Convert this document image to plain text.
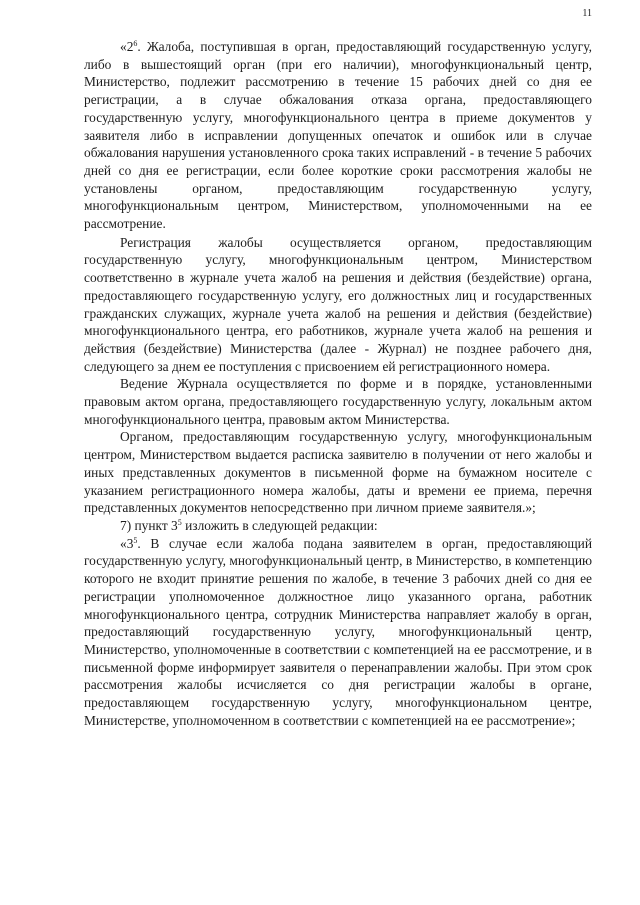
11

«$2^6$. Жалоба, поступившая в орган, предоставляющий государственную услугу, либо в вышестоящий орган (при его наличии), многофункциональный центр, Министерство, подлежит рассмотрению в течение 15 рабочих дней со дня ее регистрации, а в случае обжалования отказа органа, предоставляющего государственную услугу, многофункционального центра в приеме документов у заявителя либо в исправлении допущенных опечаток и ошибок или в случае обжалования нарушения установленного срока таких исправлений - в течение 5 рабочих дней со дня ее регистрации, если более короткие сроки рассмотрения жалобы не установлены органом, предоставляющим государственную услугу, многофункциональным центром, Министерством, уполномоченными на ее рассмотрение.

Регистрация жалобы осуществляется органом, предоставляющим государственную услугу, многофункциональным центром, Министерством соответственно в журнале учета жалоб на решения и действия (бездействие) органа, предоставляющего государственную услугу, его должностных лиц и государственных гражданских служащих, журнале учета жалоб на решения и действия (бездействие) многофункционального центра, его работников, журнале учета жалоб на решения и действия (бездействие) Министерства (далее - Журнал) не позднее рабочего дня, следующего за днем ее поступления с присвоением ей регистрационного номера.

Ведение Журнала осуществляется по форме и в порядке, установленными правовым актом органа, предоставляющего государственную услугу, локальным актом многофункционального центра, правовым актом Министерства.

Органом, предоставляющим государственную услугу, многофункциональным центром, Министерством выдается расписка заявителю в получении от него жалобы и иных представленных документов в письменной форме на бумажном носителе с указанием регистрационного номера жалобы, даты и времени ее приема, перечня представленных документов непосредственно при личном приеме заявителя.»;

7) пункт $3^5$ изложить в следующей редакции:

«$3^5$. В случае если жалоба подана заявителем в орган, предоставляющий государственную услугу, многофункциональный центр, в Министерство, в компетенцию которого не входит принятие решения по жалобе, в течение 3 рабочих дней со дня ее регистрации уполномоченное должностное лицо указанного органа, работник многофункционального центра, сотрудник Министерства направляет жалобу в орган, предоставляющий государственную услугу, многофункциональный центр, Министерство, уполномоченные в соответствии с компетенцией на ее рассмотрение, и в письменной форме информирует заявителя о перенаправлении жалобы. При этом срок рассмотрения жалобы исчисляется со дня регистрации жалобы в органе, предоставляющем государственную услугу, многофункциональном центре, Министерстве, уполномоченном в соответствии с компетенцией на ее рассмотрение»;
